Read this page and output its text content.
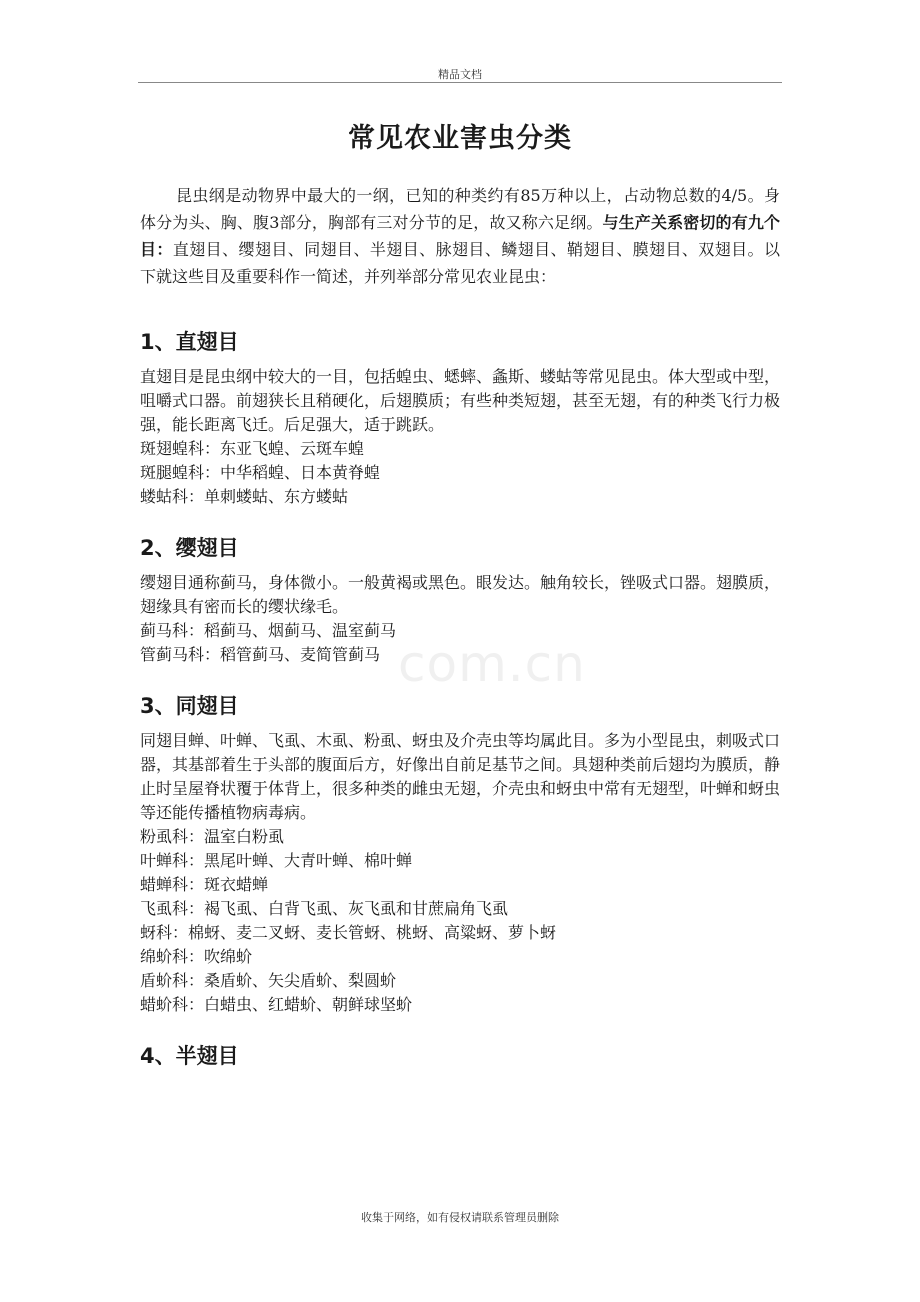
精品文档
常见农业害虫分类
com.cn

昆虫纲是动物界中最大的一纲，已知的种类约有85万种以上，占动物总数的4/5。身体分为头、胸、腹3部分，胸部有三对分节的足，故又称六足纲。与生产关系密切的有九个目：直翅目、缨翅目、同翅目、半翅目、脉翅目、鳞翅目、鞘翅目、膜翅目、双翅目。以下就这些目及重要科作一简述，并列举部分常见农业昆虫：

1、直翅目

直翅目是昆虫纲中较大的一目，包括蝗虫、蟋蟀、螽斯、蝼蛄等常见昆虫。体大型或中型，咀嚼式口器。前翅狭长且稍硬化，后翅膜质；有些种类短翅，甚至无翅，有的种类飞行力极强，能长距离飞迁。后足强大，适于跳跃。

斑翅蝗科：东亚飞蝗、云斑车蝗

斑腿蝗科：中华稻蝗、日本黄脊蝗

蝼蛄科：单刺蝼蛄、东方蝼蛄

2、缨翅目

缨翅目通称蓟马，身体微小。一般黄褐或黑色。眼发达。触角较长，锉吸式口器。翅膜质，翅缘具有密而长的缨状缘毛。

蓟马科：稻蓟马、烟蓟马、温室蓟马

管蓟马科：稻管蓟马、麦简管蓟马

3、同翅目

同翅目蝉、叶蝉、飞虱、木虱、粉虱、蚜虫及介壳虫等均属此目。多为小型昆虫，刺吸式口器，其基部着生于头部的腹面后方，好像出自前足基节之间。具翅种类前后翅均为膜质，静止时呈屋脊状覆于体背上，很多种类的雌虫无翅，介壳虫和蚜虫中常有无翅型，叶蝉和蚜虫等还能传播植物病毒病。

粉虱科：温室白粉虱

叶蝉科：黑尾叶蝉、大青叶蝉、棉叶蝉

蜡蝉科：斑衣蜡蝉

飞虱科：褐飞虱、白背飞虱、灰飞虱和甘蔗扁角飞虱

蚜科：棉蚜、麦二叉蚜、麦长管蚜、桃蚜、高粱蚜、萝卜蚜

绵蚧科：吹绵蚧

盾蚧科：桑盾蚧、矢尖盾蚧、梨圆蚧

蜡蚧科：白蜡虫、红蜡蚧、朝鲜球坚蚧

4、半翅目
收集于网络，如有侵权请联系管理员删除
